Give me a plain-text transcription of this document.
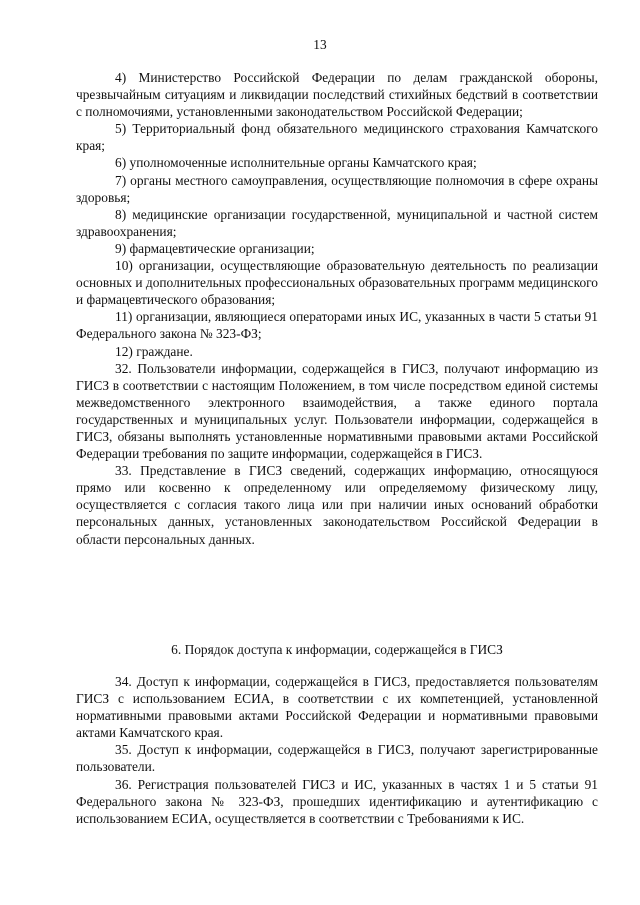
13

4) Министерство Российской Федерации по делам гражданской обороны, чрезвычайным ситуациям и ликвидации последствий стихийных бедствий в соответствии с полномочиями, установленными законодательством Российской Федерации;

5) Территориальный фонд обязательного медицинского страхования Камчатского края;

6) уполномоченные исполнительные органы Камчатского края;

7) органы местного самоуправления, осуществляющие полномочия в сфере охраны здоровья;

8) медицинские организации государственной, муниципальной и частной систем здравоохранения;

9) фармацевтические организации;

10) организации, осуществляющие образовательную деятельность по реализации основных и дополнительных профессиональных образовательных программ медицинского и фармацевтического образования;

11) организации, являющиеся операторами иных ИС, указанных в части 5 статьи 91 Федерального закона № 323-ФЗ;

12) граждане.

32. Пользователи информации, содержащейся в ГИСЗ, получают информацию из ГИСЗ в соответствии с настоящим Положением, в том числе посредством единой системы межведомственного электронного взаимодействия, а также единого портала государственных и муниципальных услуг. Пользователи информации, содержащейся в ГИСЗ, обязаны выполнять установленные нормативными правовыми актами Российской Федерации требования по защите информации, содержащейся в ГИСЗ.

33. Представление в ГИСЗ сведений, содержащих информацию, относящуюся прямо или косвенно к определенному или определяемому физическому лицу, осуществляется с согласия такого лица или при наличии иных оснований обработки персональных данных, установленных законодательством Российской Федерации в области персональных данных.

6. Порядок доступа к информации, содержащейся в ГИСЗ

34. Доступ к информации, содержащейся в ГИСЗ, предоставляется пользователям ГИСЗ с использованием ЕСИА, в соответствии с их компетенцией, установленной нормативными правовыми актами Российской Федерации и нормативными правовыми актами Камчатского края.

35. Доступ к информации, содержащейся в ГИСЗ, получают зарегистрированные пользователи.

36. Регистрация пользователей ГИСЗ и ИС, указанных в частях 1 и 5 статьи 91 Федерального закона № 323-ФЗ, прошедших идентификацию и аутентификацию с использованием ЕСИА, осуществляется в соответствии с Требованиями к ИС.
